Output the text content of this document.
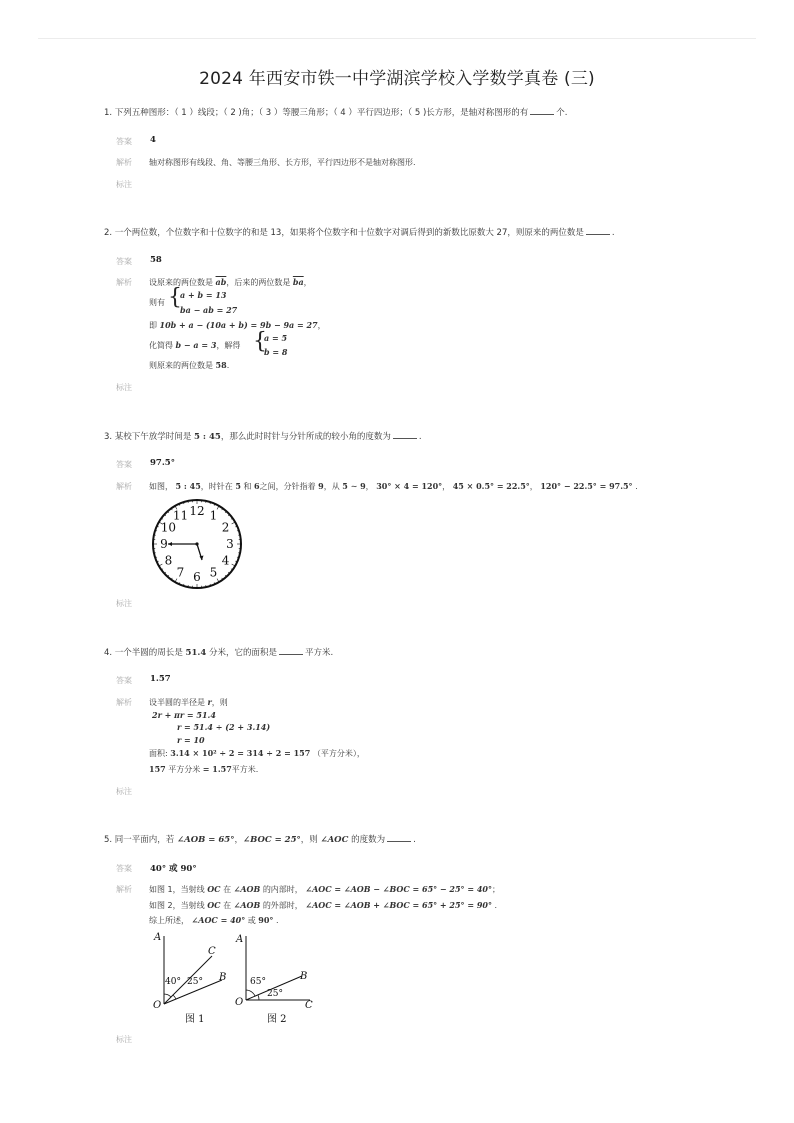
2024 年西安市铁一中学湖滨学校入学数学真卷 (三)
1. 下列五种图形：（ 1 ）线段；（ 2 )角；（ 3 ）等腰三角形；（ 4 ）平行四边形；（ 5 )长方形，是轴对称图形的有	个.
答案 4
解析 轴对称图形有线段、角、等腰三角形、长方形，平行四边形不是轴对称图形.
标注
2. 一个两位数，个位数字和十位数字的和是 13，如果将个位数字和十位数字对调后得到的新数比原数大 27，则原来的两位数是	.
答案 58
解析 设原来的两位数是 $\overline{ab}$，后来的两位数是 $\overline{ba}$，
则有 {
a + b = 13
ba − ab = 27
即 10b + a − (10a + b) = 9b − 9a = 27，
化简得 b − a = 3，解得 {
a = 5
b = 8
则原来的两位数是 58.
标注
3. 某校下午放学时间是 5 : 45，那么此时时针与分针所成的较小角的度数为	.
答案 97.5°
解析 如图， 5 : 45，时针在 5 和 6之间，分针指着 9，从 5 ∼ 9， 30° × 4 = 120°， 45 × 0.5° = 22.5°， 120° − 22.5° = 97.5° .
12 1
2
3
4
5
6
7
8
9
10
11
标注
4. 一个半圆的周长是 51.4 分米，它的面积是	平方米.
答案 1.57
解析 设半圆的半径是 r，则
2r + πr = 51.4
r = 51.4 ÷ (2 + 3.14)
r = 10
面积: 3.14 × 10² ÷ 2 = 314 ÷ 2 = 157 （平方分米），
157 平方分米 = 1.57平方米.
标注
5. 同一平面内，若 ∠AOB = 65°，∠BOC = 25°，则 ∠AOC 的度数为	.
答案 40° 或 90°
解析 如图 1，当射线 OC 在 ∠AOB 的内部时， ∠AOC = ∠AOB − ∠BOC = 65° − 25° = 40°；
如图 2，当射线 OC 在 ∠AOB 的外部时， ∠AOC = ∠AOB + ∠BOC = 65° + 25° = 90° .
综上所述， ∠AOC = 40° 或 90° .
A
C
B
O
40° 25°
图 1
A
B
O	C
65°
25°
图 2
标注
